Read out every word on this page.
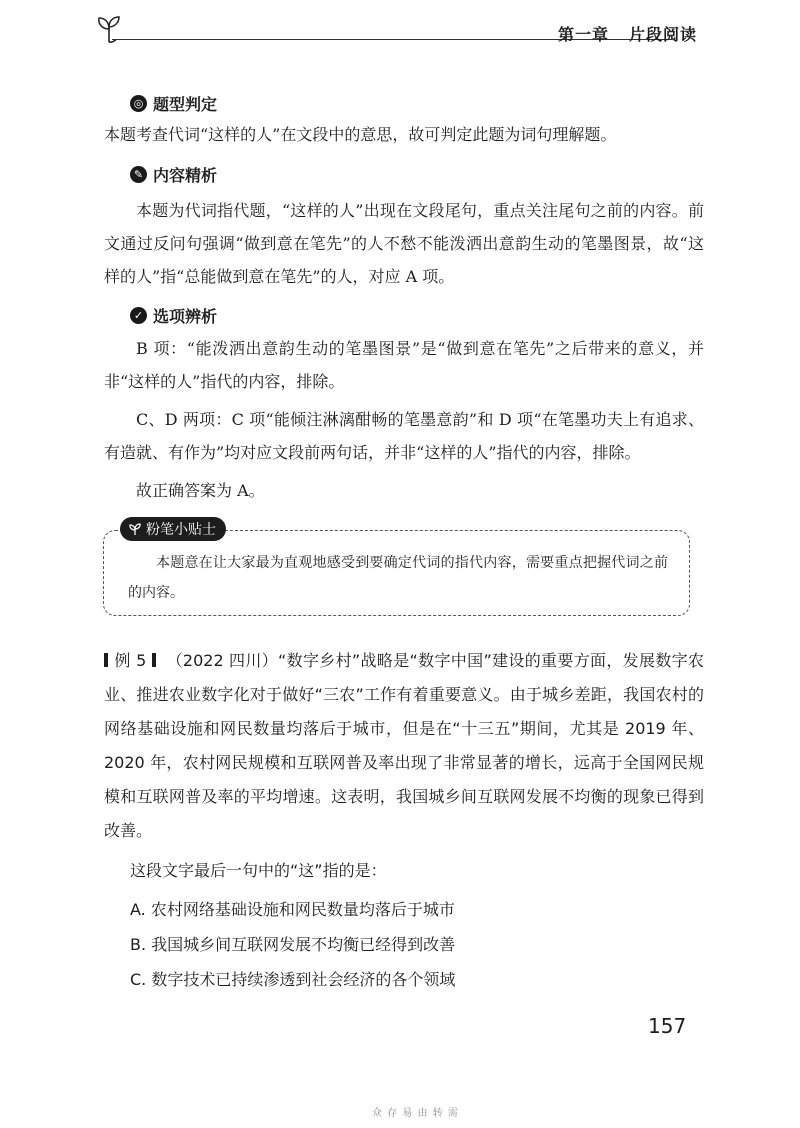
第一章 片段阅读
◎ 题型判定
本题考查代词“这样的人”在文段中的意思，故可判定此题为词句理解题。
✎ 内容精析
本题为代词指代题，“这样的人”出现在文段尾句，重点关注尾句之前的内容。前文通过反问句强调“做到意在笔先”的人不愁不能泼洒出意韵生动的笔墨图景，故“这样的人”指“总能做到意在笔先”的人，对应 A 项。
✓ 选项辨析
B 项：“能泼洒出意韵生动的笔墨图景”是“做到意在笔先”之后带来的意义，并非“这样的人”指代的内容，排除。
C、D 两项：C 项“能倾注淋漓酣畅的笔墨意韵”和 D 项“在笔墨功夫上有追求、有造就、有作为”均对应文段前两句话，并非“这样的人”指代的内容，排除。
故正确答案为 A。
粉笔小贴士
本题意在让大家最为直观地感受到要确定代词的指代内容，需要重点把握代词之前的内容。
例 5 （2022 四川）“数字乡村”战略是“数字中国”建设的重要方面，发展数字农业、推进农业数字化对于做好“三农”工作有着重要意义。由于城乡差距，我国农村的网络基础设施和网民数量均落后于城市，但是在“十三五”期间，尤其是 2019 年、2020 年，农村网民规模和互联网普及率出现了非常显著的增长，远高于全国网民规模和互联网普及率的平均增速。这表明，我国城乡间互联网发展不均衡的现象已得到改善。
这段文字最后一句中的“这”指的是：
A. 农村网络基础设施和网民数量均落后于城市
B. 我国城乡间互联网发展不均衡已经得到改善
C. 数字技术已持续渗透到社会经济的各个领域
157
众 存 易 由 转 需
